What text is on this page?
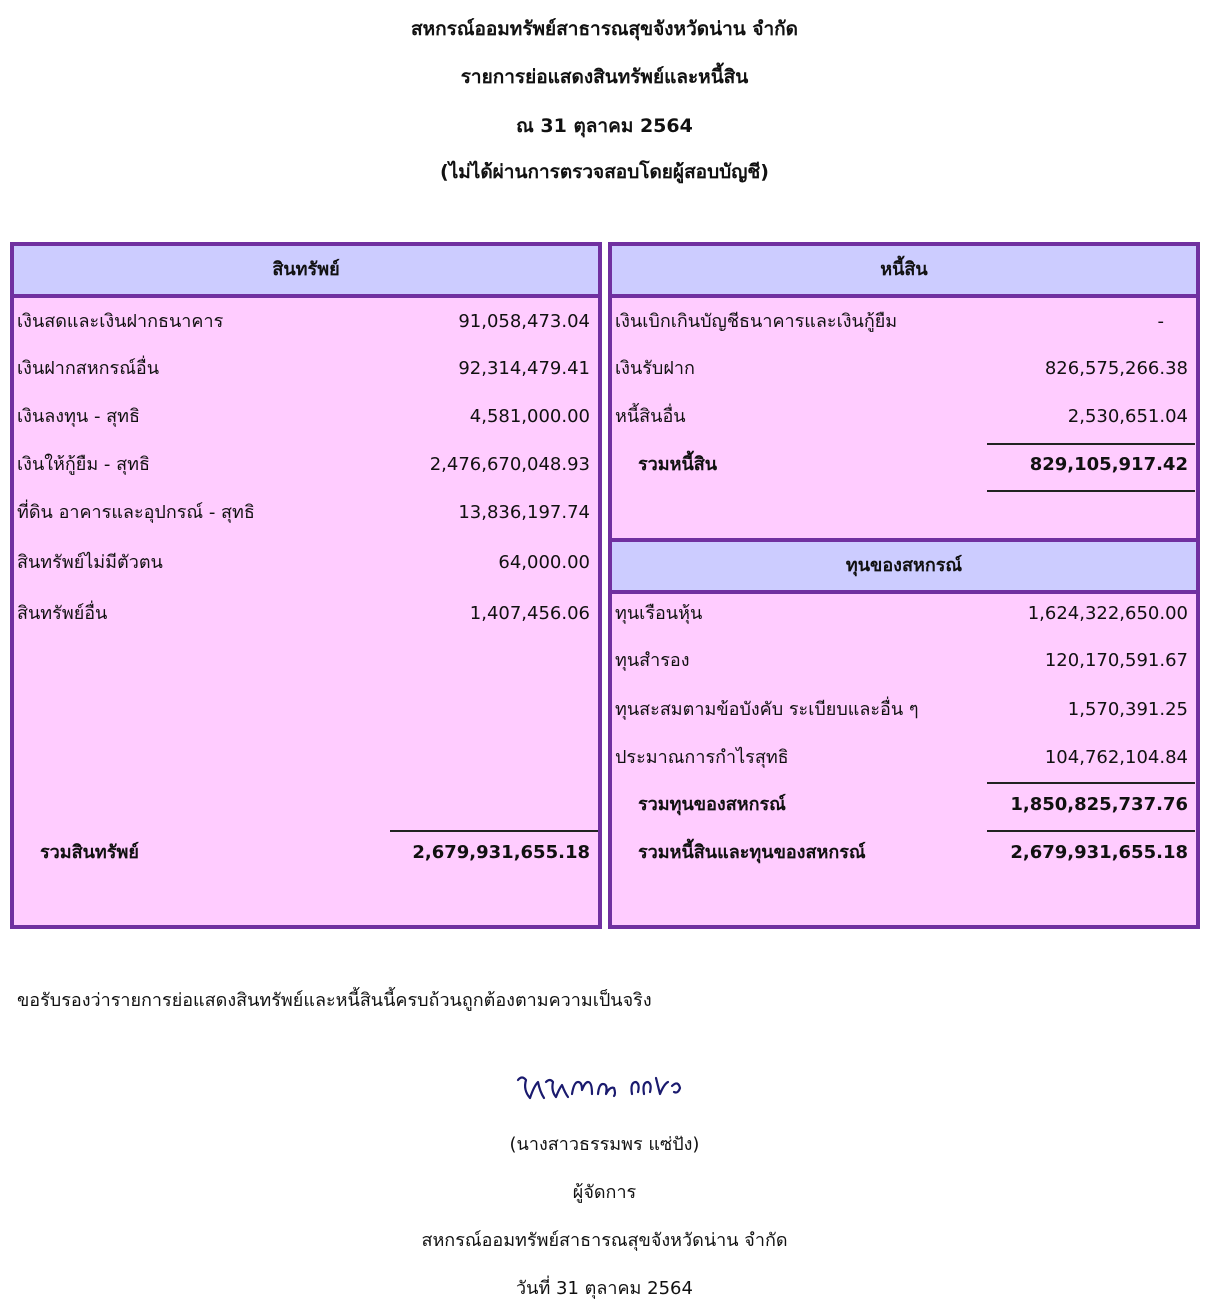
สหกรณ์ออมทรัพย์สาธารณสุขจังหวัดน่าน จำกัด
รายการย่อแสดงสินทรัพย์และหนี้สิน
ณ 31 ตุลาคม 2564
(ไม่ได้ผ่านการตรวจสอบโดยผู้สอบบัญชี)
สินทรัพย์
เงินสดและเงินฝากธนาคาร	91,058,473.04
เงินฝากสหกรณ์อื่น	92,314,479.41
เงินลงทุน - สุทธิ	4,581,000.00
เงินให้กู้ยืม - สุทธิ	2,476,670,048.93
ที่ดิน อาคารและอุปกรณ์ - สุทธิ	13,836,197.74
สินทรัพย์ไม่มีตัวตน	64,000.00
สินทรัพย์อื่น	1,407,456.06
รวมสินทรัพย์	2,679,931,655.18
หนี้สิน
เงินเบิกเกินบัญชีธนาคารและเงินกู้ยืม	-
เงินรับฝาก	826,575,266.38
หนี้สินอื่น	2,530,651.04
รวมหนี้สิน	829,105,917.42
ทุนของสหกรณ์
ทุนเรือนหุ้น	1,624,322,650.00
ทุนสำรอง	120,170,591.67
ทุนสะสมตามข้อบังคับ ระเบียบและอื่น ๆ	1,570,391.25
ประมาณการกำไรสุทธิ	104,762,104.84
รวมทุนของสหกรณ์	1,850,825,737.76
รวมหนี้สินและทุนของสหกรณ์	2,679,931,655.18
ขอรับรองว่ารายการย่อแสดงสินทรัพย์และหนี้สินนี้ครบถ้วนถูกต้องตามความเป็นจริง
(นางสาวธรรมพร แซ่ปัง)
ผู้จัดการ
สหกรณ์ออมทรัพย์สาธารณสุขจังหวัดน่าน จำกัด
วันที่ 31 ตุลาคม 2564
